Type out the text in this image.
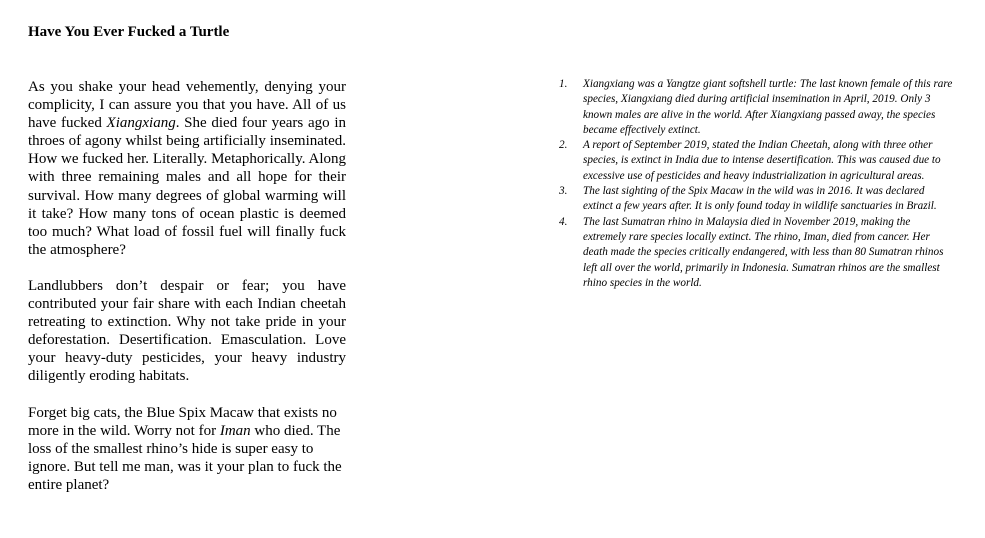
Have You Ever Fucked a Turtle

As you shake your head vehemently, denying your complicity, I can assure you that you have. All of us have fucked Xiangxiang. She died four years ago in throes of agony whilst being artificially inseminated. How we fucked her. Literally. Metaphorically. Along with three remaining males and all hope for their survival. How many degrees of global warming will it take? How many tons of ocean plastic is deemed too much? What load of fossil fuel will finally fuck the atmosphere?

Landlubbers don’t despair or fear; you have contributed your fair share with each Indian cheetah retreating to extinction. Why not take pride in your deforestation. Desertification. Emasculation. Love your heavy-duty pesticides, your heavy industry diligently eroding habitats.

Forget big cats, the Blue Spix Macaw that exists no more in the wild. Worry not for Iman who died. The loss of the smallest rhino’s hide is super easy to ignore. But tell me man, was it your plan to fuck the entire planet?

1. Xiangxiang was a Yangtze giant softshell turtle: The last known female of this rare species, Xiangxiang died during artificial insemination in April, 2019. Only 3 known males are alive in the world. After Xiangxiang passed away, the species became effectively extinct.
2. A report of September 2019, stated the Indian Cheetah, along with three other species, is extinct in India due to intense desertification. This was caused due to excessive use of pesticides and heavy industrialization in agricultural areas.
3. The last sighting of the Spix Macaw in the wild was in 2016. It was declared extinct a few years after. It is only found today in wildlife sanctuaries in Brazil.
4. The last Sumatran rhino in Malaysia died in November 2019, making the extremely rare species locally extinct. The rhino, Iman, died from cancer. Her death made the species critically endangered, with less than 80 Sumatran rhinos left all over the world, primarily in Indonesia. Sumatran rhinos are the smallest rhino species in the world.
